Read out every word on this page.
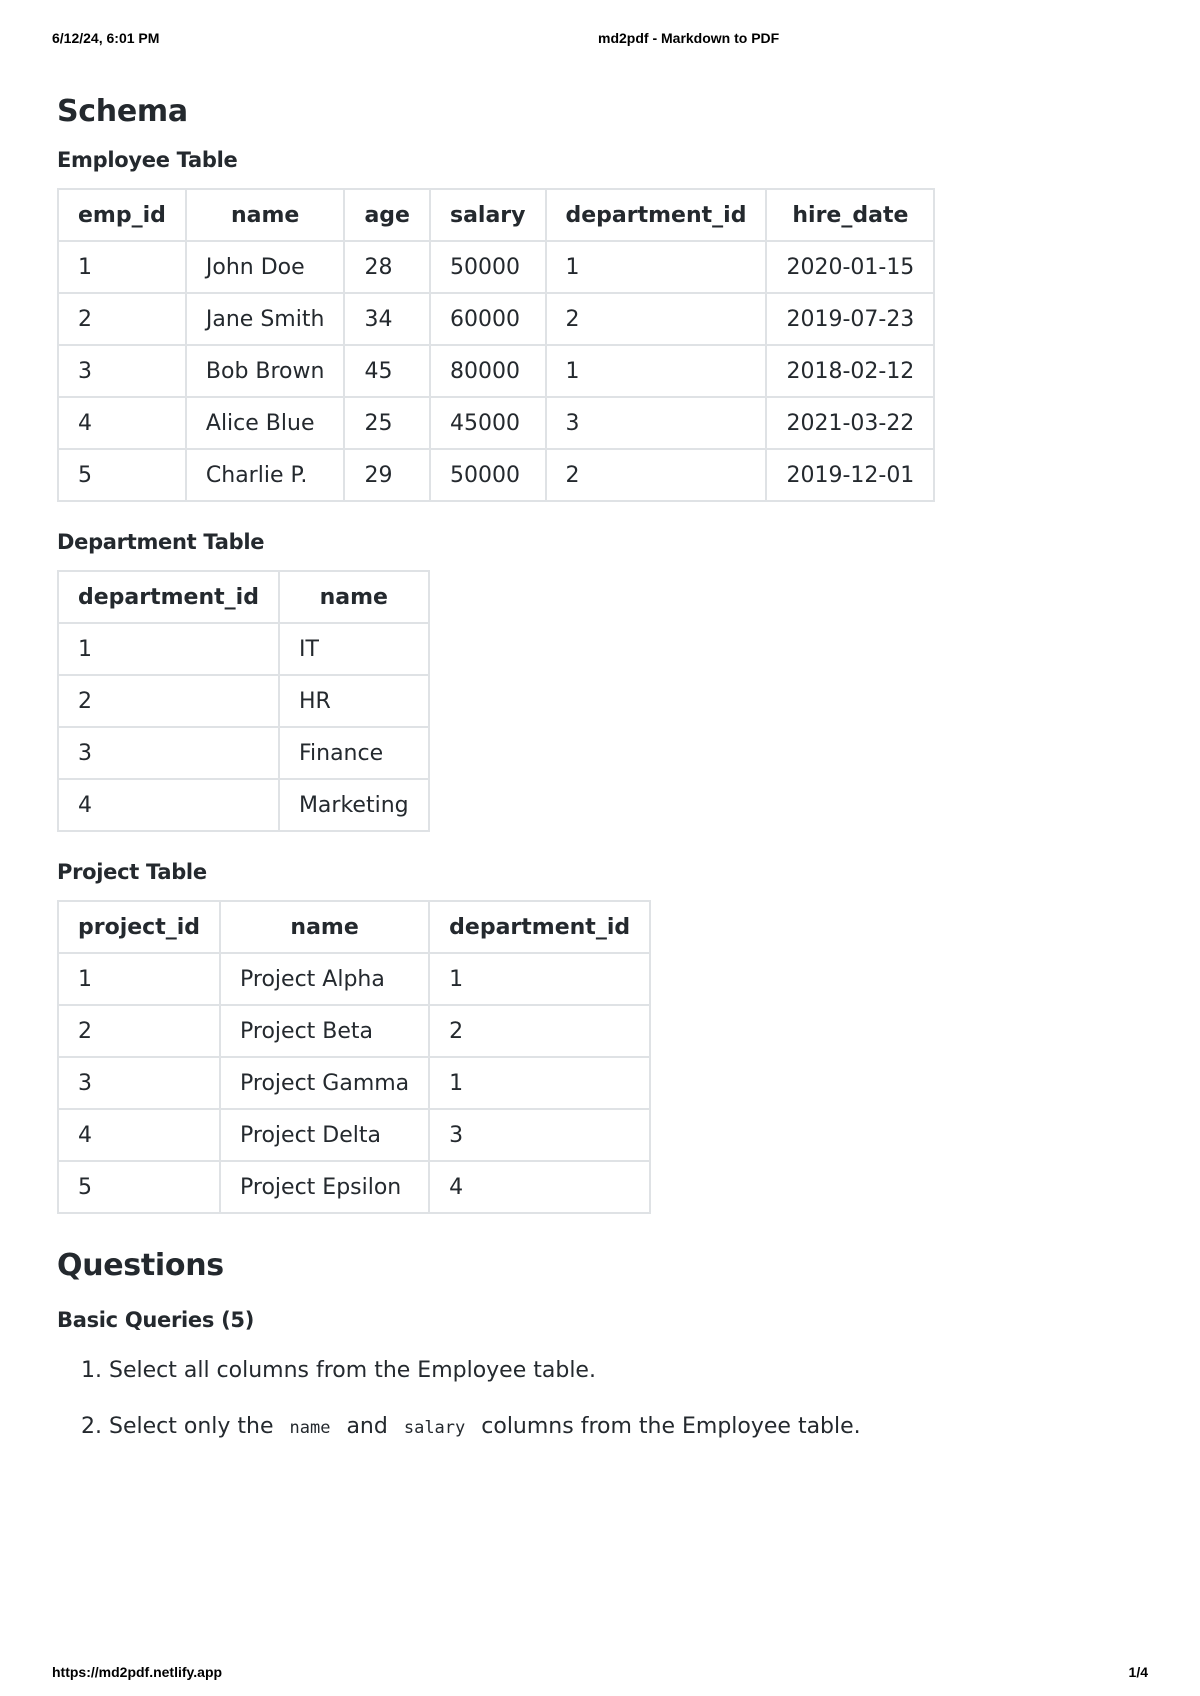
6/12/24, 6:01 PM	md2pdf - Markdown to PDF
Schema
Employee Table
emp_id	name	age	salary	department_id	hire_date
1	John Doe	28	50000	1	2020-01-15
2	Jane Smith	34	60000	2	2019-07-23
3	Bob Brown	45	80000	1	2018-02-12
4	Alice Blue	25	45000	3	2021-03-22
5	Charlie P.	29	50000	2	2019-12-01
Department Table
department_id	name
1	IT
2	HR
3	Finance
4	Marketing
Project Table
project_id	name	department_id
1	Project Alpha	1
2	Project Beta	2
3	Project Gamma	1
4	Project Delta	3
5	Project Epsilon	4
Questions
Basic Queries (5)
1. Select all columns from the Employee table.
2. Select only the name and salary columns from the Employee table.
https://md2pdf.netlify.app	1/4
